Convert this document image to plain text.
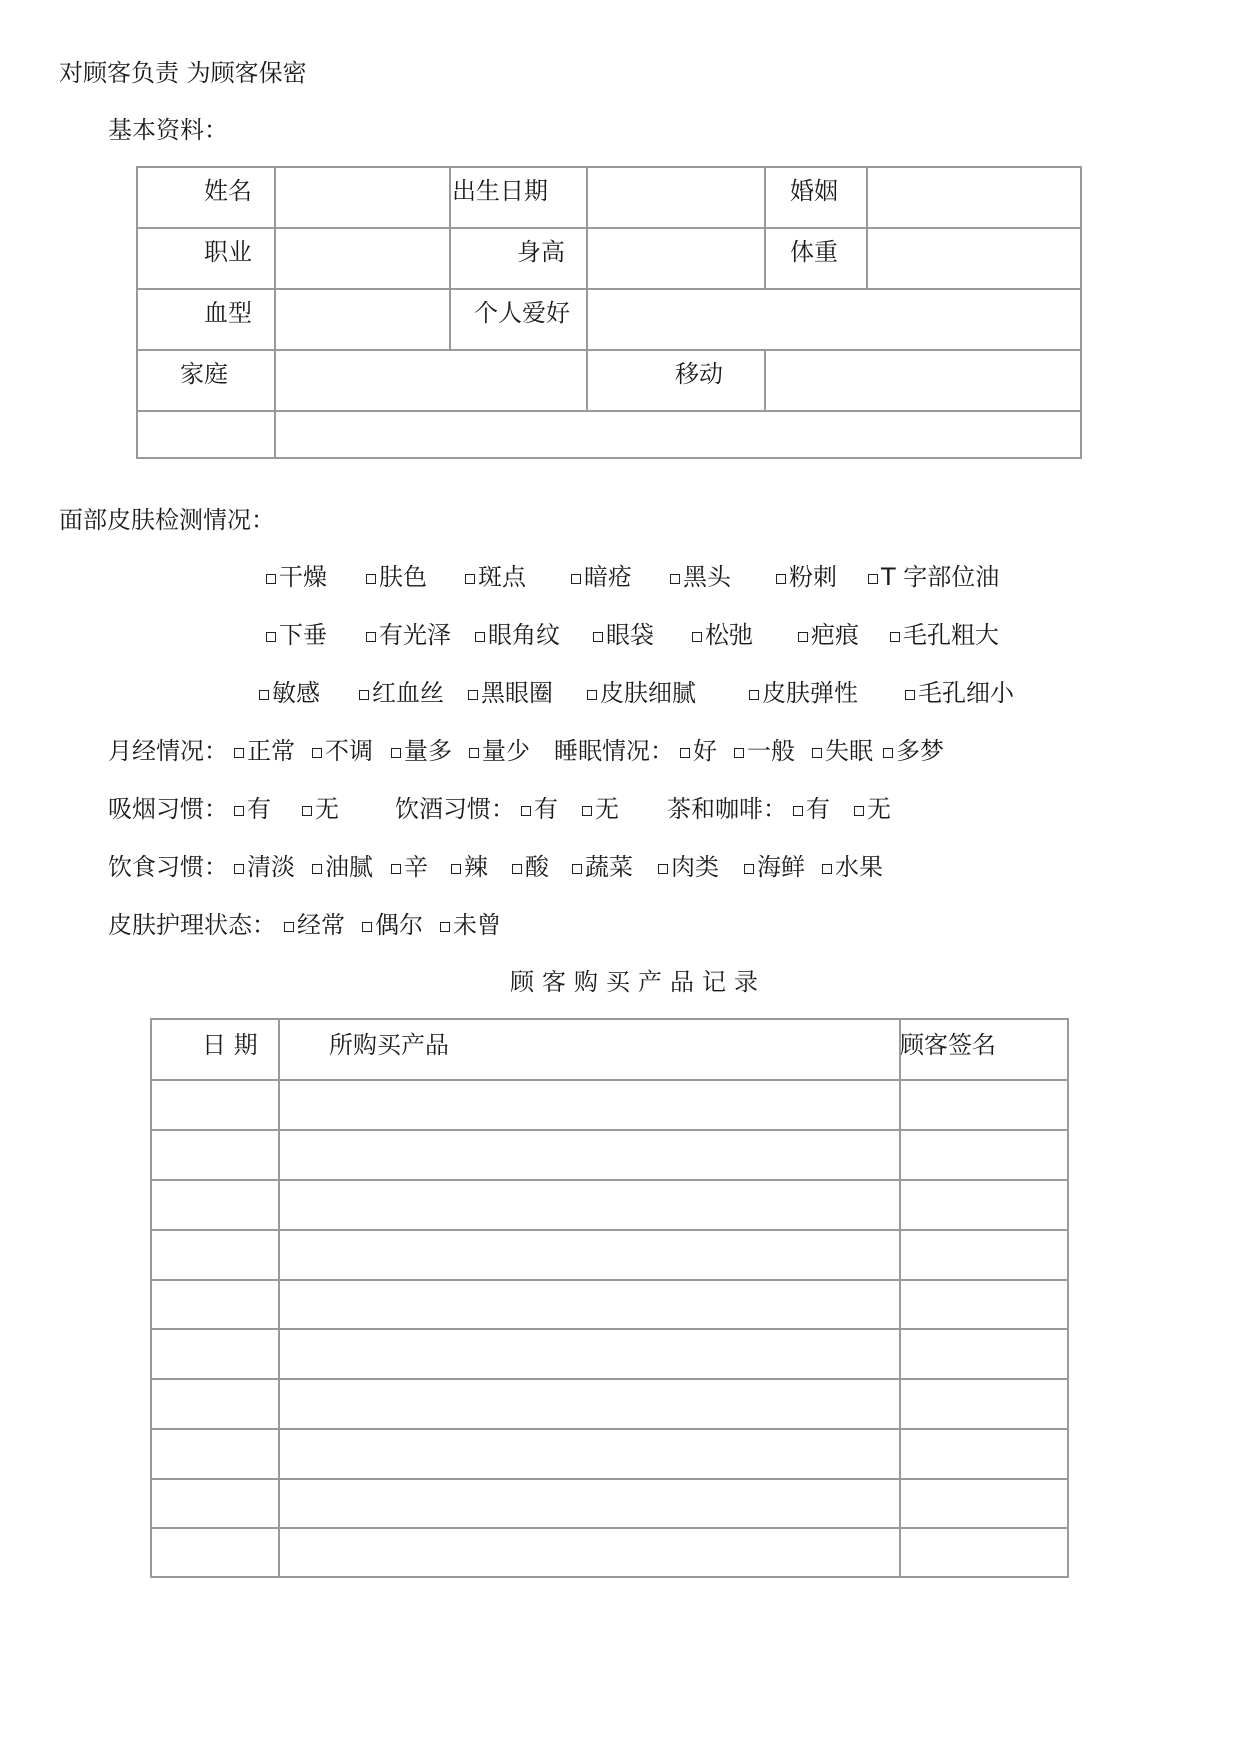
对顾客负责 为顾客保密
基本资料：
姓名	出生日期	婚姻
职业	身高	体重
血型	个人爱好
家庭	移动
面部皮肤检测情况：
干燥	肤色	斑点	暗疮	黑头	粉刺	T 字部位油
下垂	有光泽	眼角纹	眼袋	松弛	疤痕	毛孔粗大
敏感	红血丝	黑眼圈	皮肤细腻	皮肤弹性	毛孔细小
月经情况： 正常	不调	量多	量少 睡眠情况： 好	一般	失眠 多梦
吸烟习惯： 有	无 饮酒习惯： 有	无 茶和咖啡： 有	无
饮食习惯： 清淡	油腻	辛	辣	酸	蔬菜	肉类	海鲜	水果
皮肤护理状态： 经常	偶尔	未曾
顾客购买产品记录
日 期	所购买产品	顾客签名
